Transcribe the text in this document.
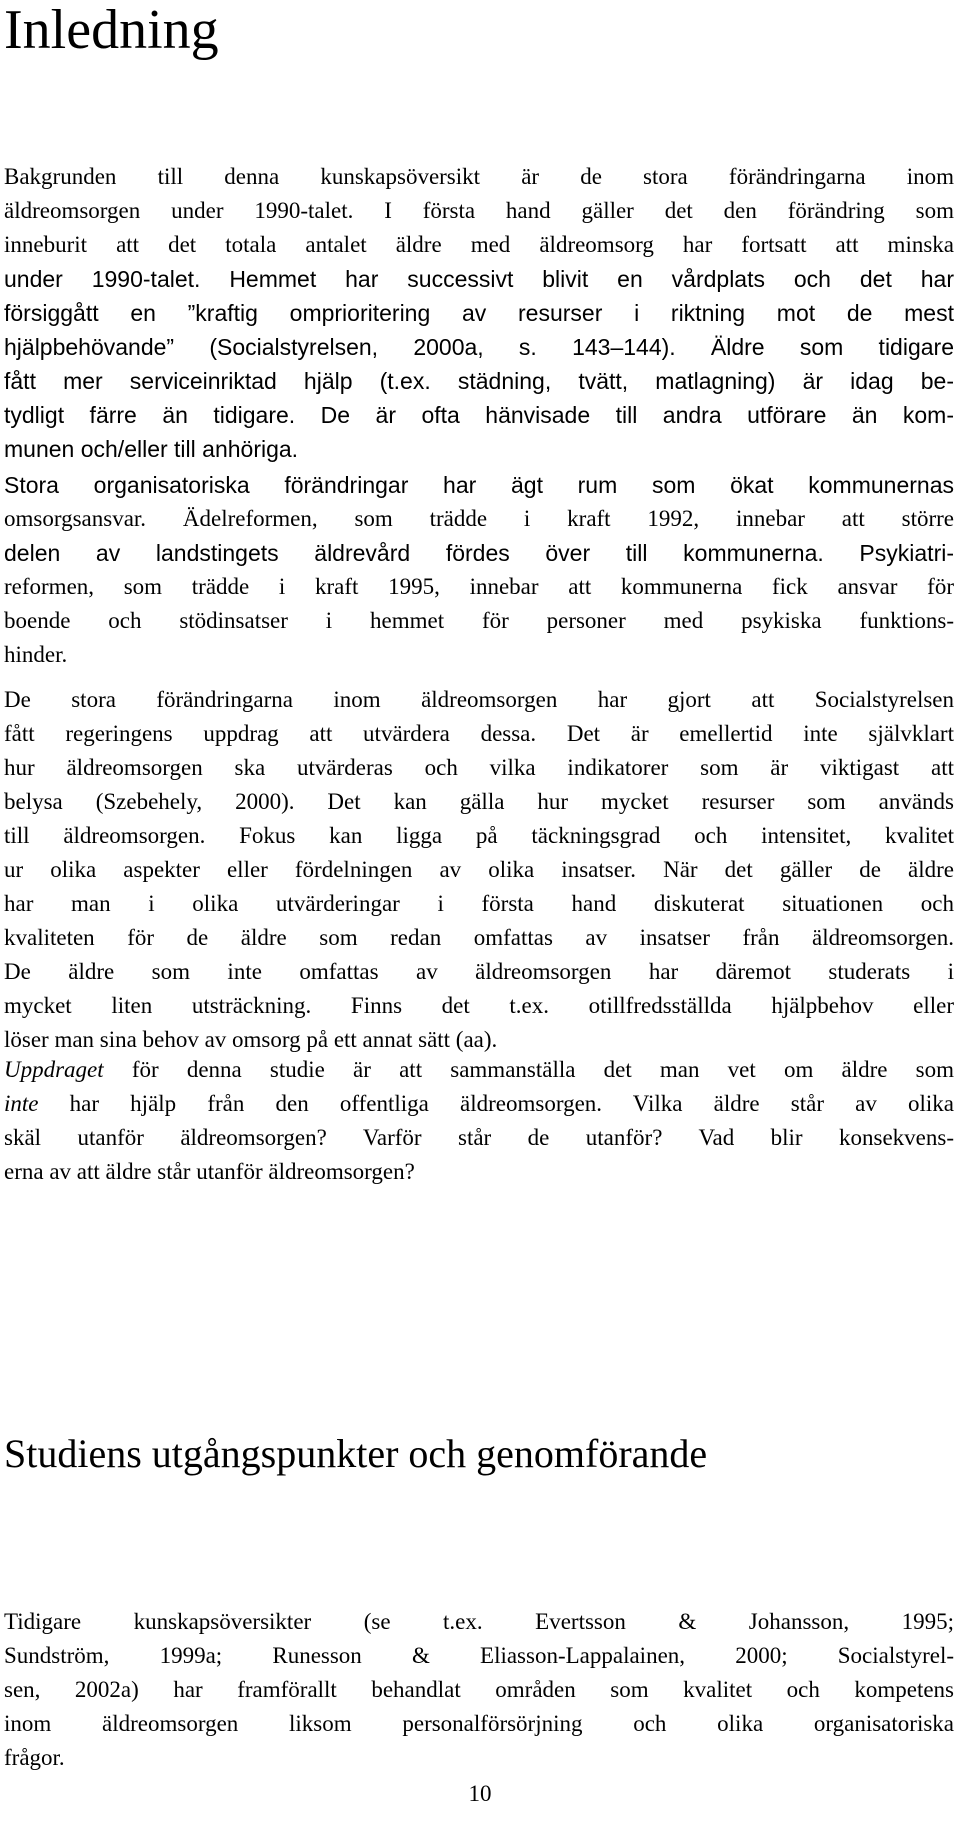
Inledning
Bakgrunden till denna kunskapsöversikt är de stora förändringarna inom
äldreomsorgen under 1990-talet. I första hand gäller det den förändring som
inneburit att det totala antalet äldre med äldreomsorg har fortsatt att minska
under 1990-talet. Hemmet har successivt blivit en vårdplats och det har
försiggått en ”kraftig omprioritering av resurser i riktning mot de mest
hjälpbehövande” (Socialstyrelsen, 2000a, s. 143–144). Äldre som tidigare
fått mer serviceinriktad hjälp (t.ex. städning, tvätt, matlagning) är idag be-
tydligt färre än tidigare. De är ofta hänvisade till andra utförare än kom-
munen och/eller till anhöriga.
Stora organisatoriska förändringar har ägt rum som ökat kommunernas
omsorgsansvar. Ädelreformen, som trädde i kraft 1992, innebar att större
delen av landstingets äldrevård fördes över till kommunerna. Psykiatri-
reformen, som trädde i kraft 1995, innebar att kommunerna fick ansvar för
boende och stödinsatser i hemmet för personer med psykiska funktions-
hinder.
De stora förändringarna inom äldreomsorgen har gjort att Socialstyrelsen
fått regeringens uppdrag att utvärdera dessa. Det är emellertid inte självklart
hur äldreomsorgen ska utvärderas och vilka indikatorer som är viktigast att
belysa (Szebehely, 2000). Det kan gälla hur mycket resurser som används
till äldreomsorgen. Fokus kan ligga på täckningsgrad och intensitet, kvalitet
ur olika aspekter eller fördelningen av olika insatser. När det gäller de äldre
har man i olika utvärderingar i första hand diskuterat situationen och
kvaliteten för de äldre som redan omfattas av insatser från äldreomsorgen.
De äldre som inte omfattas av äldreomsorgen har däremot studerats i
mycket liten utsträckning. Finns det t.ex. otillfredsställda hjälpbehov eller
löser man sina behov av omsorg på ett annat sätt (aa).
Uppdraget för denna studie är att sammanställa det man vet om äldre som
inte har hjälp från den offentliga äldreomsorgen. Vilka äldre står av olika
skäl utanför äldreomsorgen? Varför står de utanför? Vad blir konsekvens-
erna av att äldre står utanför äldreomsorgen?
Studiens utgångspunkter och genomförande
Tidigare kunskapsöversikter (se t.ex. Evertsson & Johansson, 1995;
Sundström, 1999a; Runesson & Eliasson-Lappalainen, 2000; Socialstyrel-
sen, 2002a) har framförallt behandlat områden som kvalitet och kompetens
inom äldreomsorgen liksom personalförsörjning och olika organisatoriska
frågor.
10
